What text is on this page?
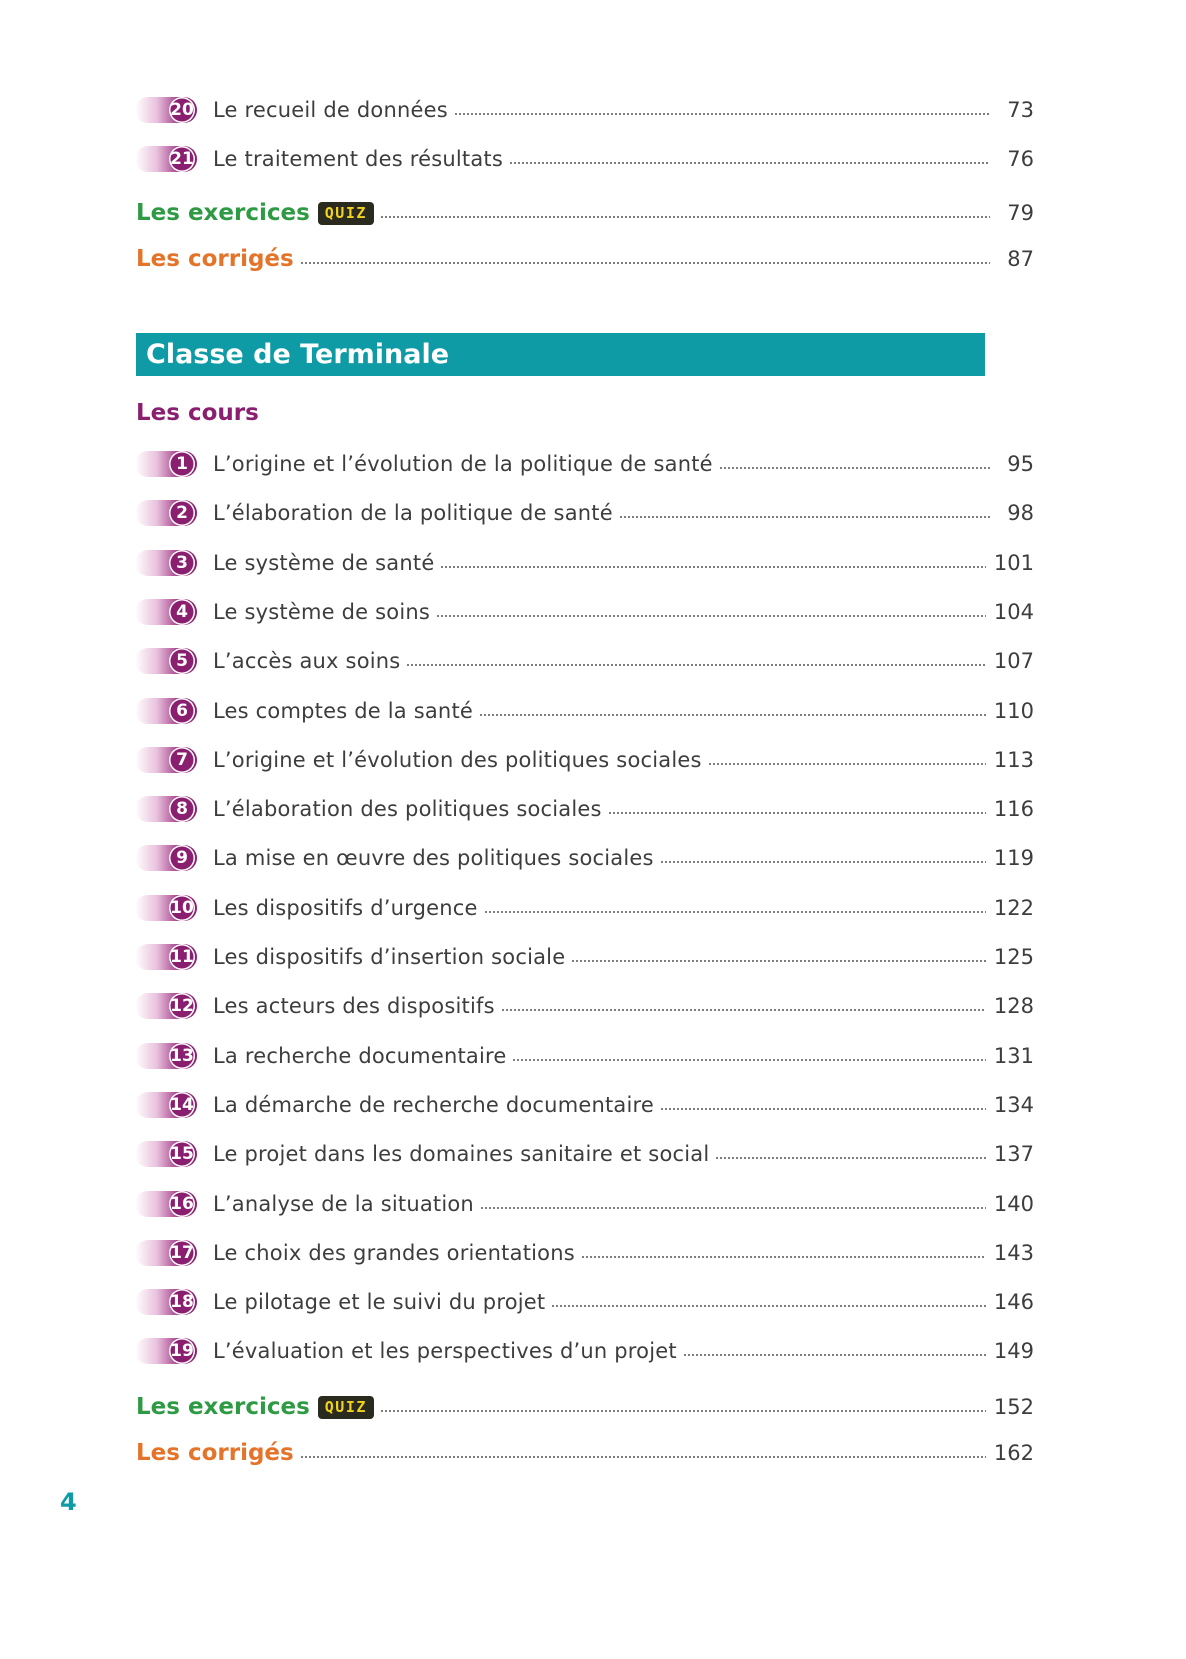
20 Le recueil de données	73
21 Le traitement des résultats	76
Les exercices	QUIZ	79
Les corrigés	87
Classe de Terminale
Les cours
1	L’origine et l’évolution de la politique de santé	95
2	L’élaboration de la politique de santé	98
3	Le système de santé	101
4	Le système de soins	104
5	L’accès aux soins	107
6	Les comptes de la santé	110
7	L’origine et l’évolution des politiques sociales	113
8	L’élaboration des politiques sociales	116
9	La mise en œuvre des politiques sociales	119
10 Les dispositifs d’urgence	122
11 Les dispositifs d’insertion sociale	125
12 Les acteurs des dispositifs	128
13 La recherche documentaire	131
14 La démarche de recherche documentaire	134
15 Le projet dans les domaines sanitaire et social	137
16 L’analyse de la situation	140
17 Le choix des grandes orientations	143
18 Le pilotage et le suivi du projet	146
19 L’évaluation et les perspectives d’un projet	149
Les exercices	QUIZ	152
Les corrigés	162
4
